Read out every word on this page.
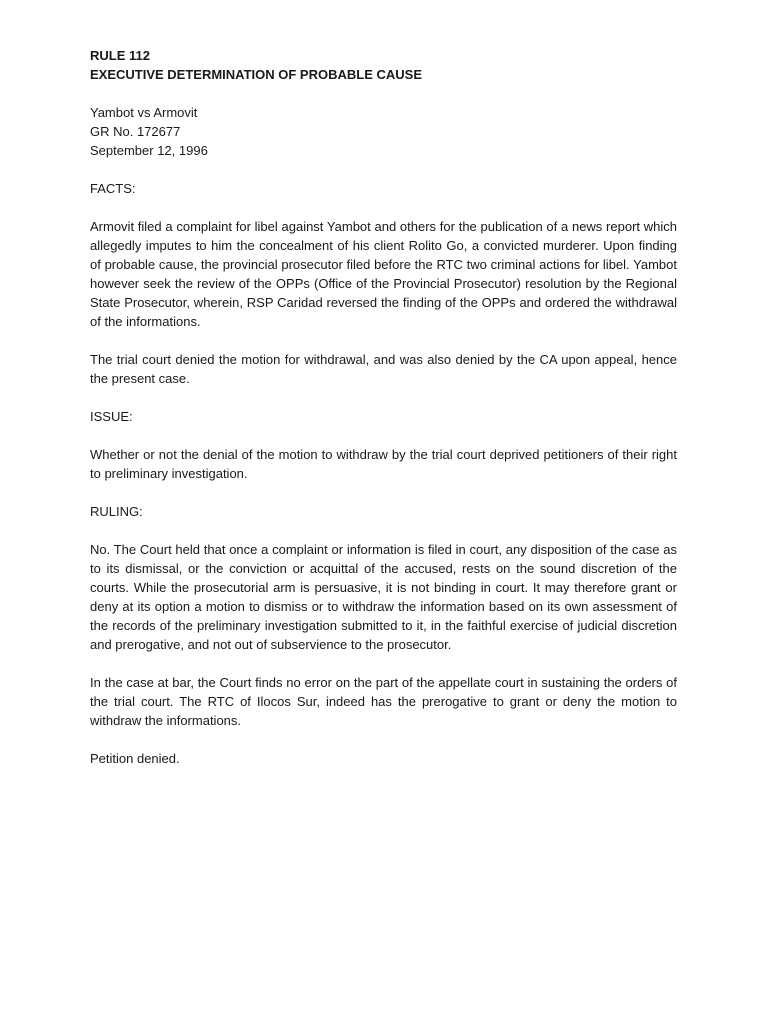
RULE 112

EXECUTIVE DETERMINATION OF PROBABLE CAUSE

Yambot vs Armovit

GR No. 172677

September 12, 1996

FACTS:

Armovit filed a complaint for libel against Yambot and others for the publication of a news report which allegedly imputes to him the concealment of his client Rolito Go, a convicted murderer. Upon finding of probable cause, the provincial prosecutor filed before the RTC two criminal actions for libel. Yambot however seek the review of the OPPs (Office of the Provincial Prosecutor) resolution by the Regional State Prosecutor, wherein, RSP Caridad reversed the finding of the OPPs and ordered the withdrawal of the informations.

The trial court denied the motion for withdrawal, and was also denied by the CA upon appeal, hence the present case.

ISSUE:

Whether or not the denial of the motion to withdraw by the trial court deprived petitioners of their right to preliminary investigation.

RULING:

No. The Court held that once a complaint or information is filed in court, any disposition of the case as to its dismissal, or the conviction or acquittal of the accused, rests on the sound discretion of the courts. While the prosecutorial arm is persuasive, it is not binding in court. It may therefore grant or deny at its option a motion to dismiss or to withdraw the information based on its own assessment of the records of the preliminary investigation submitted to it, in the faithful exercise of judicial discretion and prerogative, and not out of subservience to the prosecutor.

In the case at bar, the Court finds no error on the part of the appellate court in sustaining the orders of the trial court. The RTC of Ilocos Sur, indeed has the prerogative to grant or deny the motion to withdraw the informations.

Petition denied.
